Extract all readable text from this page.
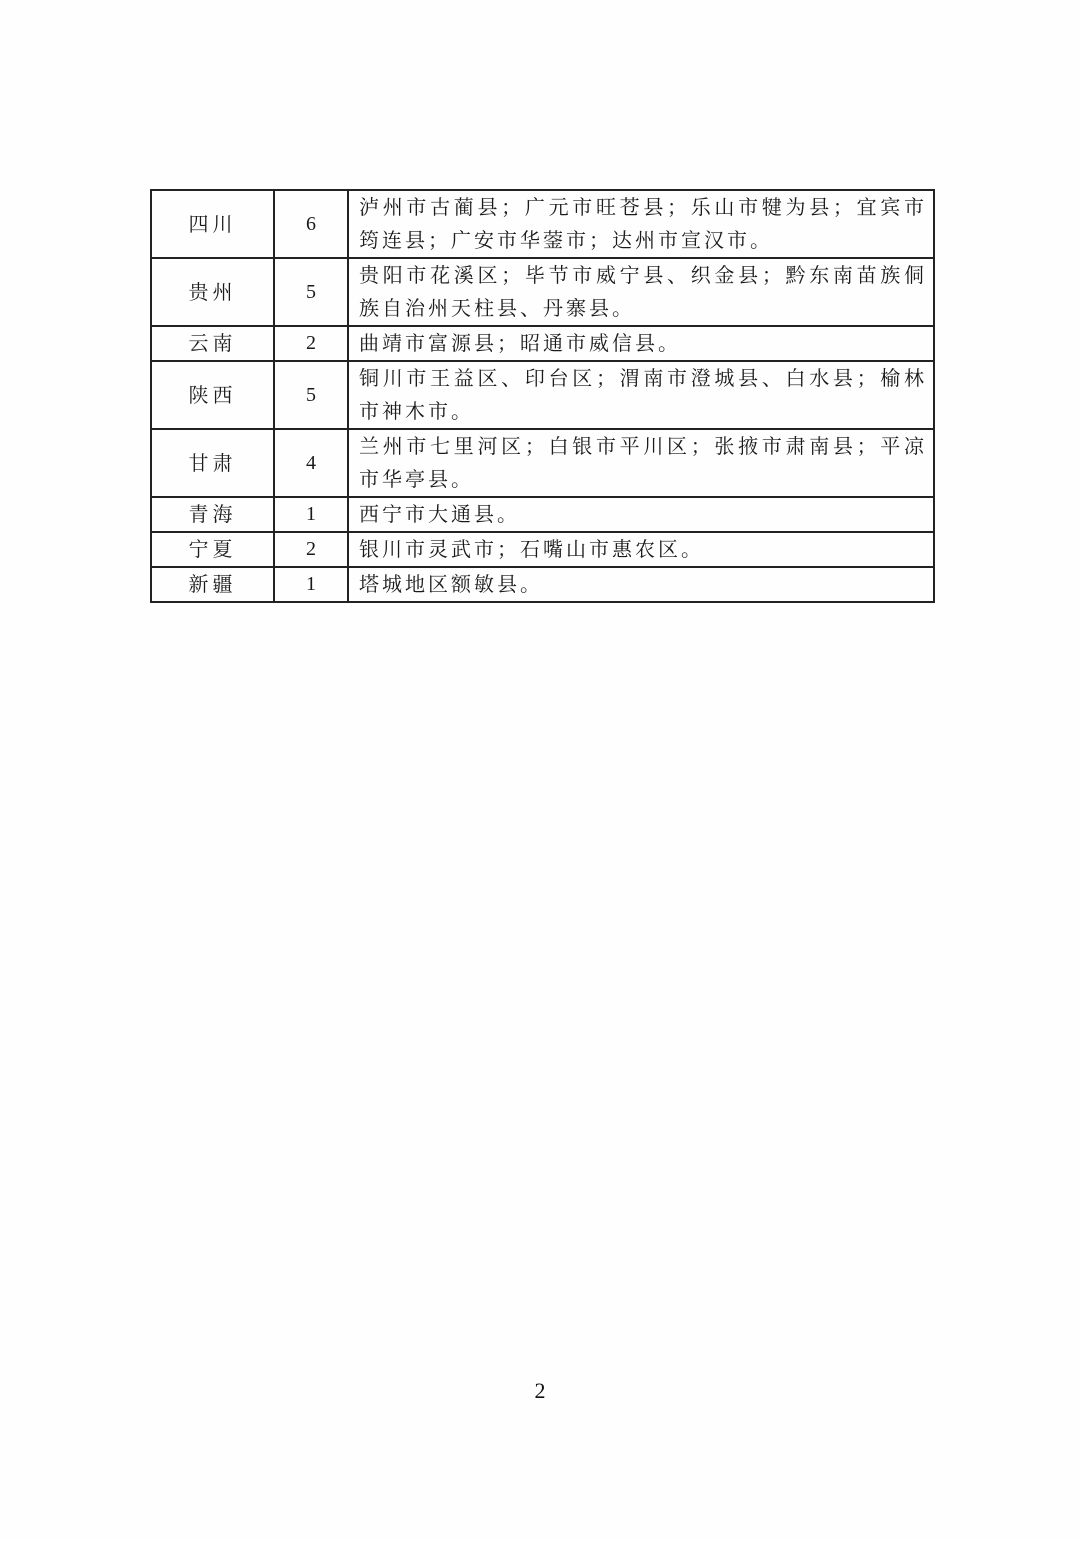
四川	6	泸州市古蔺县；广元市旺苍县；乐山市犍为县；宜宾市筠连县；广安市华蓥市；达州市宣汉市。
贵州	5	贵阳市花溪区；毕节市威宁县、织金县；黔东南苗族侗族自治州天柱县、丹寨县。
云南	2	曲靖市富源县；昭通市威信县。
陕西	5	铜川市王益区、印台区；渭南市澄城县、白水县；榆林市神木市。
甘肃	4	兰州市七里河区；白银市平川区；张掖市肃南县；平凉市华亭县。
青海	1	西宁市大通县。
宁夏	2	银川市灵武市；石嘴山市惠农区。
新疆	1	塔城地区额敏县。
2
